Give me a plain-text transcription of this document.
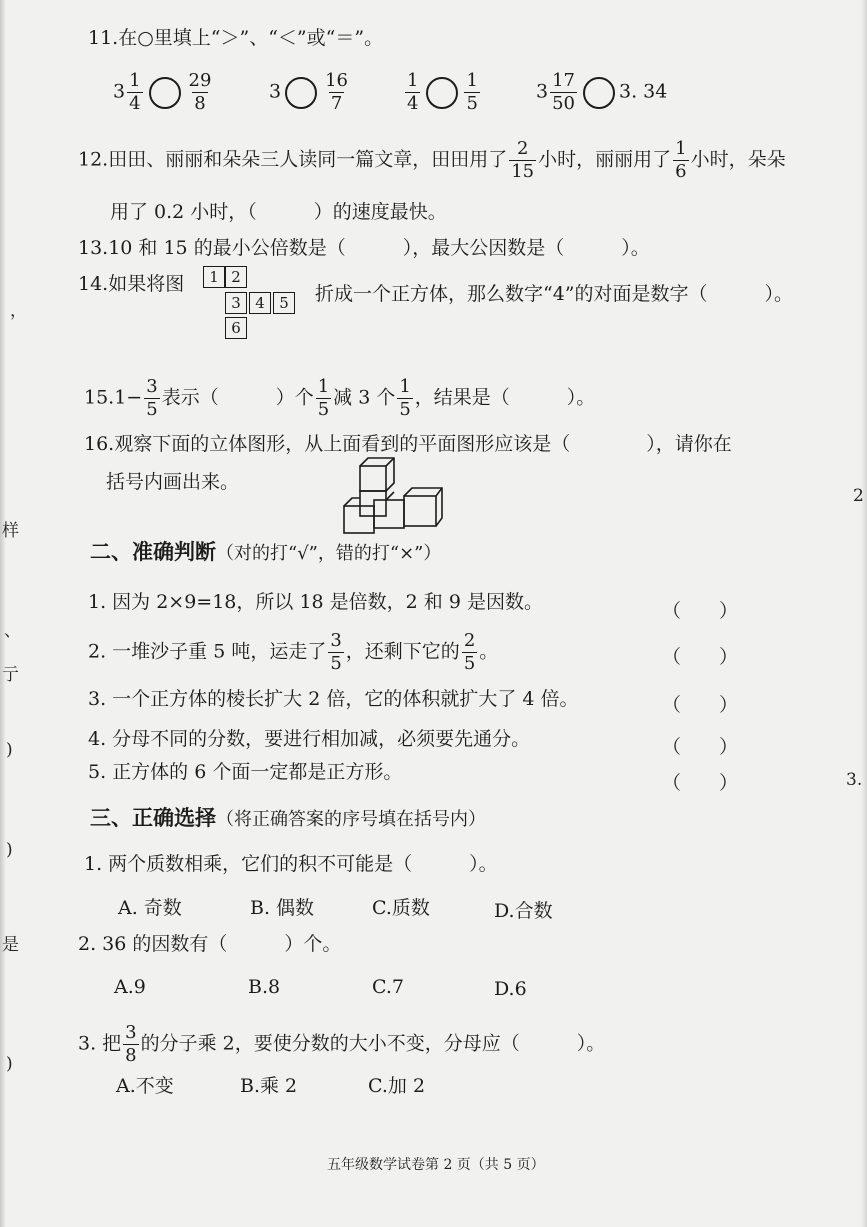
11.在○里填上“＞”、“＜”或“＝”。
$3 \frac{1}{4} \frac{29}{8}$	$3 \frac{16}{7}$	$\frac{1}{4} \frac{1}{5}$	$3 \frac{17}{50} 3$. 34
12.田田、丽丽和朵朵三人读同一篇文章，田田用了 $\frac{2}{15}$ 小时，丽丽用了 $\frac{1}{6}$ 小时，朵朵
用了 0.2 小时，（　　　）的速度最快。
13.10 和 15 的最小公倍数是（　　　），最大公因数是（　　　）。
14.如果将图	折成一个正方体，那么数字“4”的对面是数字（　　　）。
1 2
3 4 5
6
$15.1- \frac{3}{5}$ 表示（　　　）个 $\frac{1}{5}$ 减 3 个 $\frac{1}{5}$ ，结果是（　　　）。
16.观察下面的立体图形，从上面看到的平面图形应该是（　　　　），请你在
括号内画出来。
二、准确判断（对的打“√”，错的打“×”）
1. 因为 2×9=18，所以 18 是倍数，2 和 9 是因数。
2. 一堆沙子重 5 吨，运走了 $\frac{3}{5}$ ，还剩下它的 $\frac{2}{5}$ 。
3. 一个正方体的棱长扩大 2 倍，它的体积就扩大了 4 倍。
4. 分母不同的分数，要进行相加减，必须要先通分。
5. 正方体的 6 个面一定都是正方形。
（　　）
（　　）
（　　）
（　　）
（　　）
三、正确选择（将正确答案的序号填在括号内）
1. 两个质数相乘，它们的积不可能是（　　　）。
A. 奇数	B. 偶数	C.质数	D.合数
2. 36 的因数有（　　　）个。
A.9	B.8	C.7	D.6
3. 把 $\frac{3}{8}$ 的分子乘 2，要使分数的大小不变，分母应（　　　）。
A.不变	B.乘 2	C.加 2
五年级数学试卷第 2 页（共 5 页）
，
样
、
亍
)
)
是
)
2
3.
